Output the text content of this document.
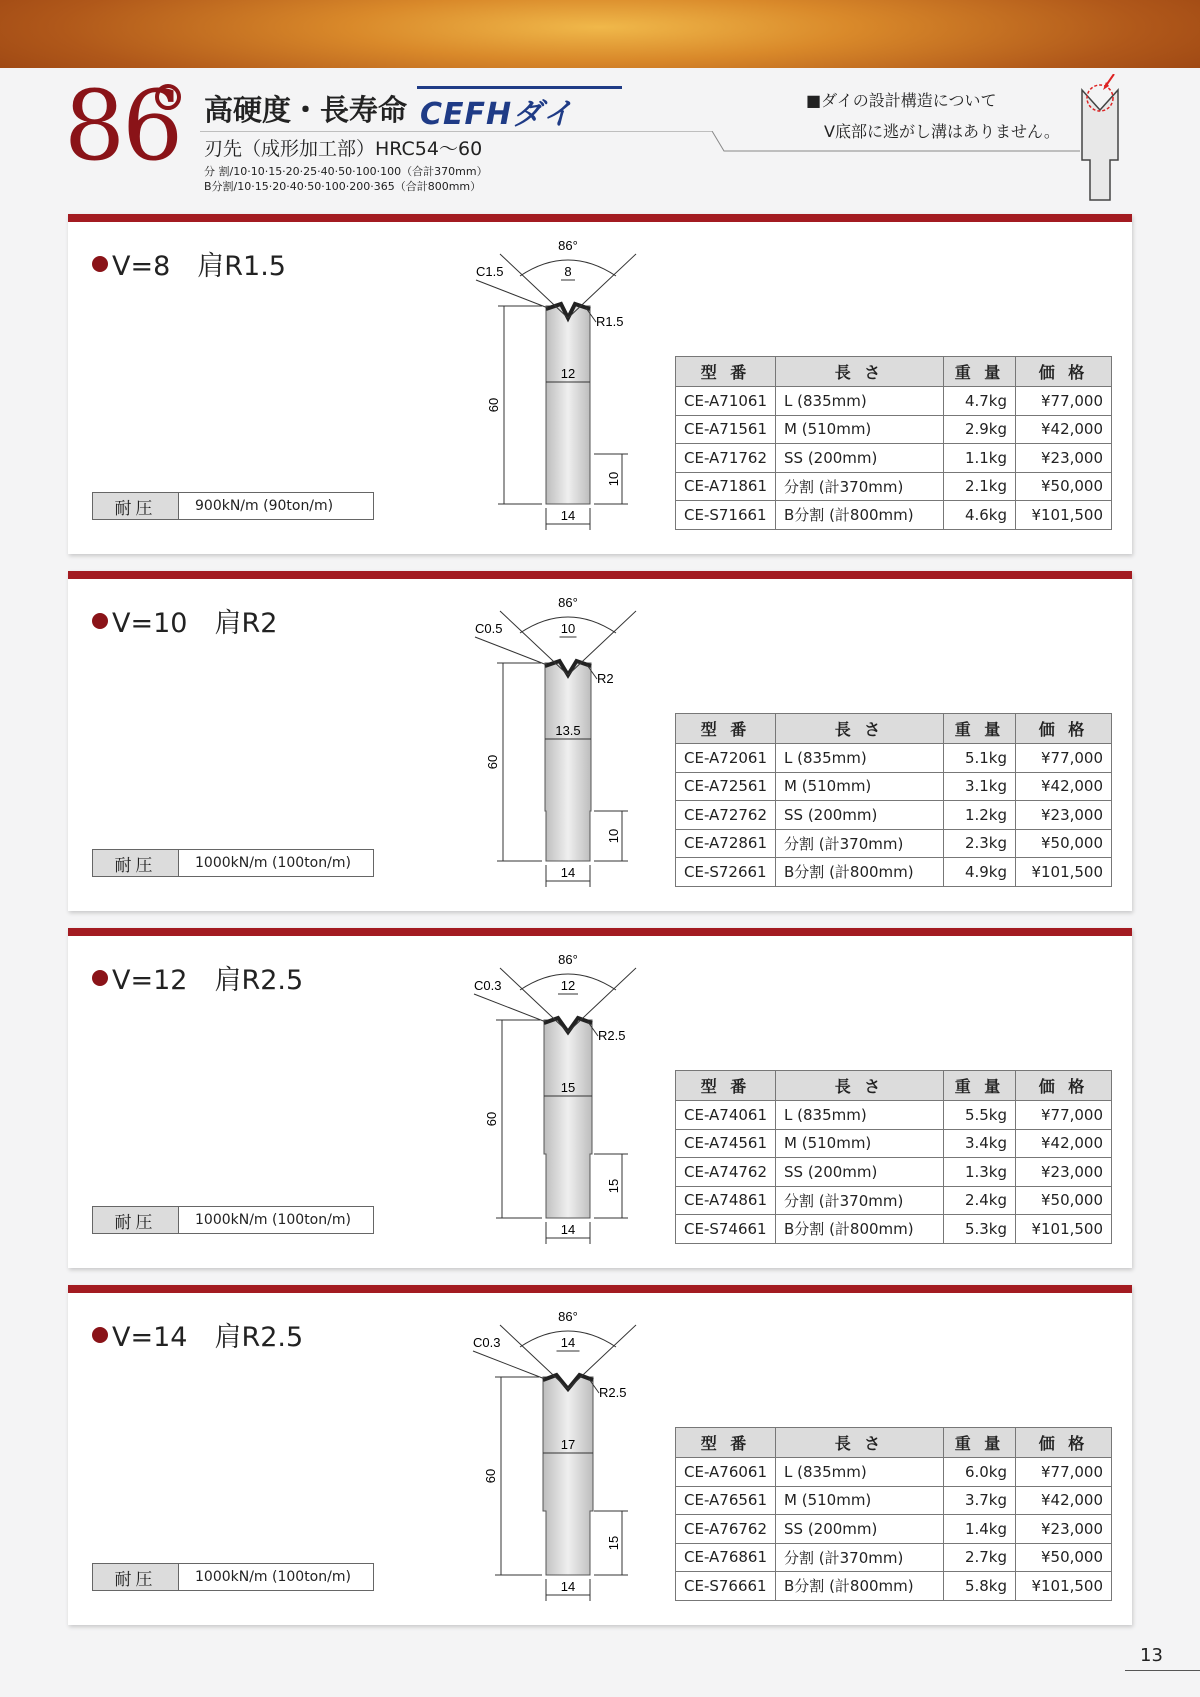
86 高硬度・長寿命 CEFHダイ
刃先（成形加工部）HRC54～60
分 割/10·10·15·20·25·40·50·100·100（合計370mm）
B分割/10·15·20·40·50·100·200·365（合計800mm）
■ダイの設計構造について
V底部に逃がし溝はありません。
V=8　肩R1.5
耐圧	900kN/m (90ton/m)
86°
8
C1.5
R1.5
12
60
10
14
型 番	長 さ	重 量	価 格
CE-A71061	L (835mm)	4.7kg	¥77,000
CE-A71561	M (510mm)	2.9kg	¥42,000
CE-A71762	SS (200mm)	1.1kg	¥23,000
CE-A71861	分割 (計370mm)	2.1kg	¥50,000
CE-S71661	B分割 (計800mm)	4.6kg	¥101,500
V=10　肩R2
耐圧	1000kN/m (100ton/m)
86°
10
C0.5
R2
13.5
60
10
14
型 番	長 さ	重 量	価 格
CE-A72061	L (835mm)	5.1kg	¥77,000
CE-A72561	M (510mm)	3.1kg	¥42,000
CE-A72762	SS (200mm)	1.2kg	¥23,000
CE-A72861	分割 (計370mm)	2.3kg	¥50,000
CE-S72661	B分割 (計800mm)	4.9kg	¥101,500
V=12　肩R2.5
耐圧	1000kN/m (100ton/m)
86°
12
C0.3
R2.5
15
60
15
14
型 番	長 さ	重 量	価 格
CE-A74061	L (835mm)	5.5kg	¥77,000
CE-A74561	M (510mm)	3.4kg	¥42,000
CE-A74762	SS (200mm)	1.3kg	¥23,000
CE-A74861	分割 (計370mm)	2.4kg	¥50,000
CE-S74661	B分割 (計800mm)	5.3kg	¥101,500
V=14　肩R2.5
耐圧	1000kN/m (100ton/m)
86°
14
C0.3
R2.5
17
60
15
14
型 番	長 さ	重 量	価 格
CE-A76061	L (835mm)	6.0kg	¥77,000
CE-A76561	M (510mm)	3.7kg	¥42,000
CE-A76762	SS (200mm)	1.4kg	¥23,000
CE-A76861	分割 (計370mm)	2.7kg	¥50,000
CE-S76661	B分割 (計800mm)	5.8kg	¥101,500
13
